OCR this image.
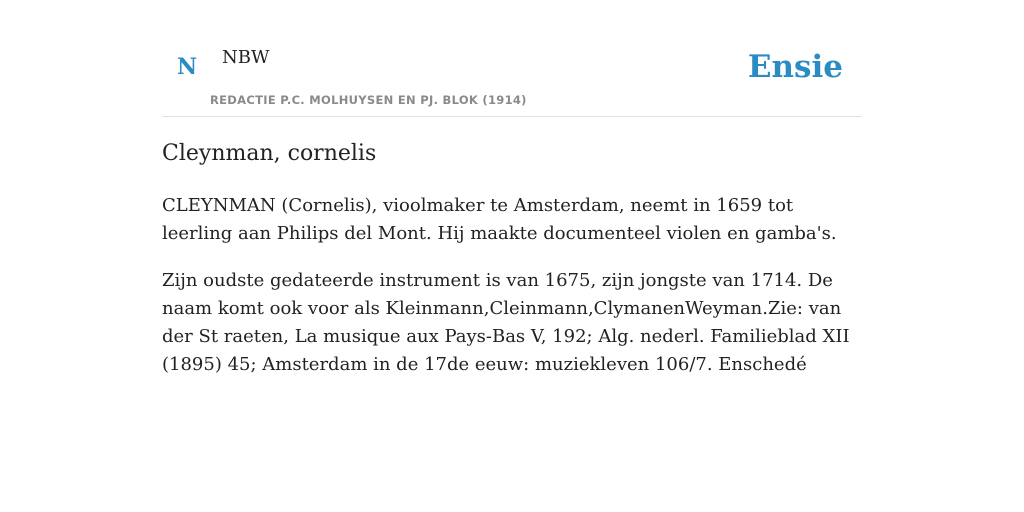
N NBW
REDACTIE P.C. MOLHUYSEN EN PJ. BLOK (1914)
Ensie
Cleynman, cornelis

CLEYNMAN (Cornelis), vioolmaker te Amsterdam, neemt in 1659 tot leerling aan Philips del Mont. Hij maakte documenteel violen en gamba's.

Zijn oudste gedateerde instrument is van 1675, zijn jongste van 1714. De naam komt ook voor als Kleinmann,Cleinmann,ClymanenWeyman.Zie: van der St raeten, La musique aux Pays-Bas V, 192; Alg. nederl. Familieblad XII (1895) 45; Amsterdam in de 17de eeuw: muziekleven 106/7. Enschedé
